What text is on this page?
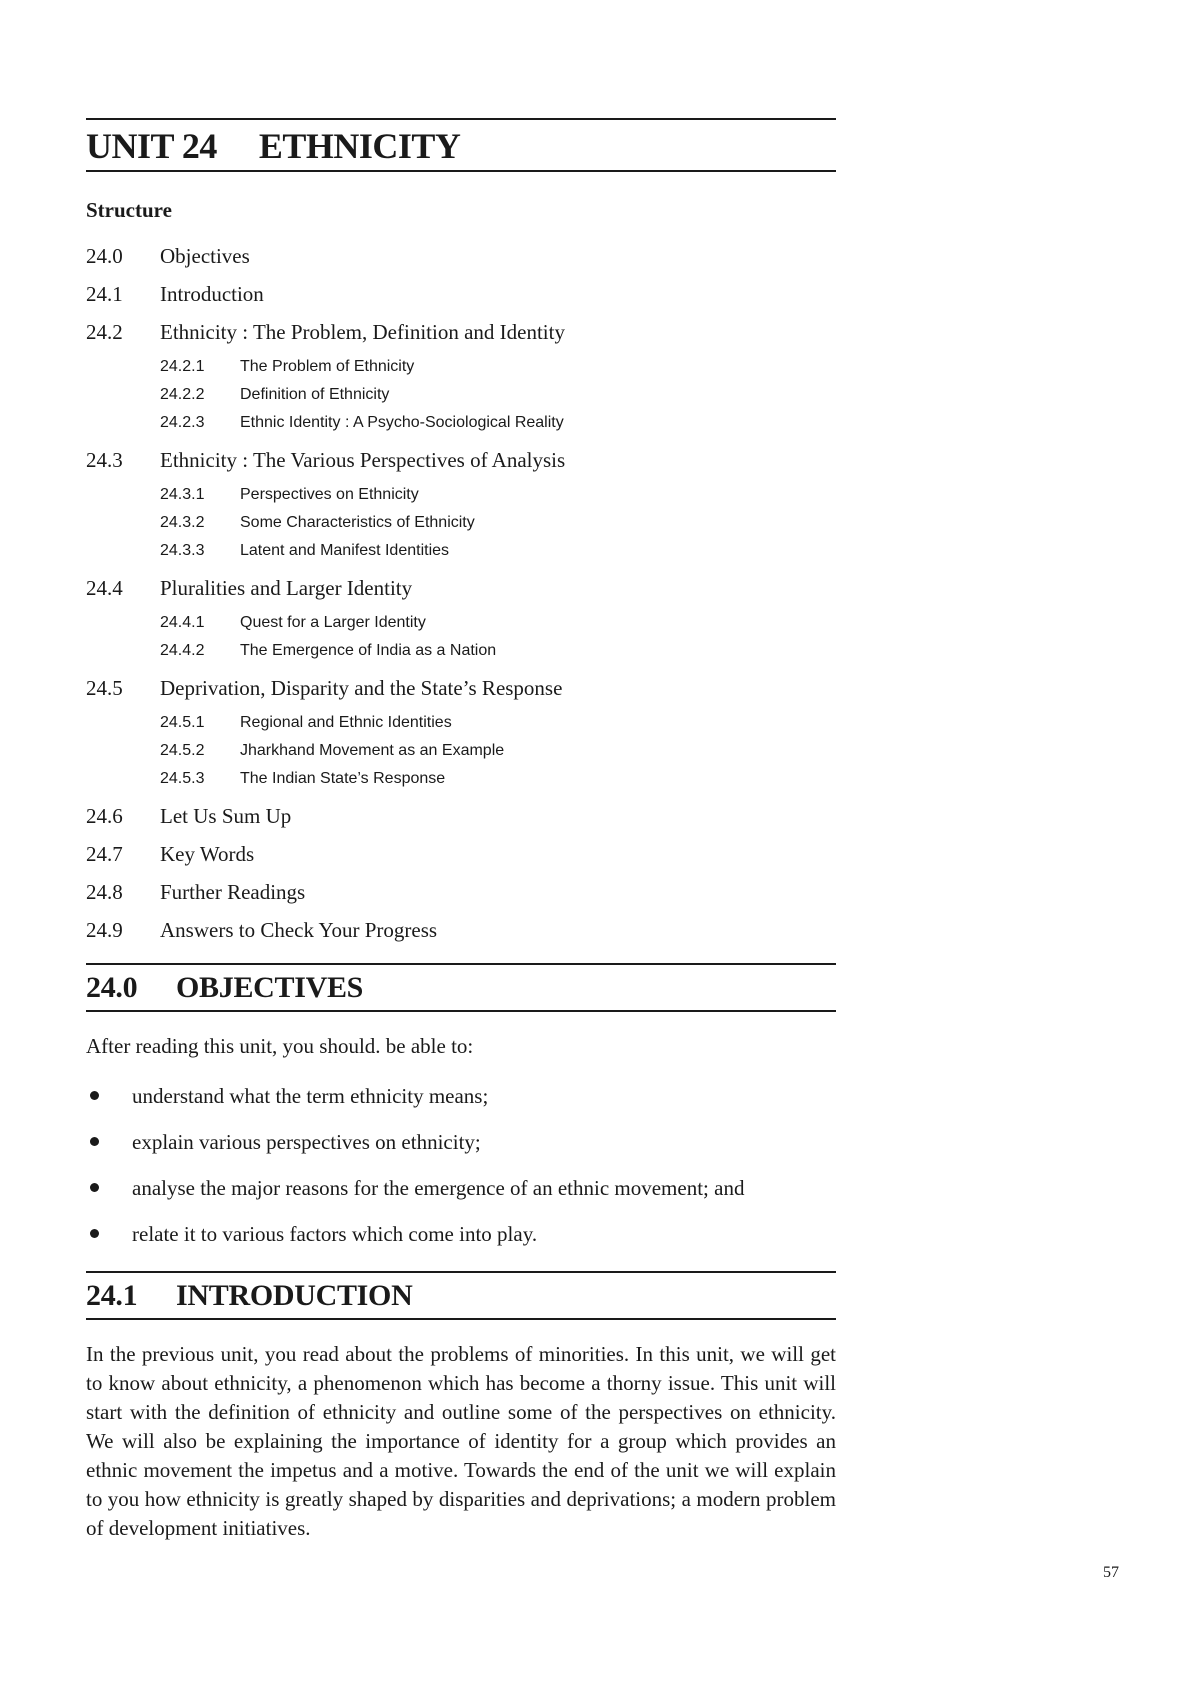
UNIT 24 ETHNICITY
Structure
24.0	Objectives
24.1	Introduction
24.2	Ethnicity : The Problem, Definition and Identity
24.2.1	The Problem of Ethnicity
24.2.2	Definition of Ethnicity
24.2.3	Ethnic Identity : A Psycho-Sociological Reality
24.3	Ethnicity : The Various Perspectives of Analysis
24.3.1	Perspectives on Ethnicity
24.3.2	Some Characteristics of Ethnicity
24.3.3	Latent and Manifest Identities
24.4	Pluralities and Larger Identity
24.4.1	Quest for a Larger Identity
24.4.2	The Emergence of India as a Nation
24.5	Deprivation, Disparity and the State’s Response
24.5.1	Regional and Ethnic Identities
24.5.2	Jharkhand Movement as an Example
24.5.3	The Indian State’s Response
24.6	Let Us Sum Up
24.7	Key Words
24.8	Further Readings
24.9	Answers to Check Your Progress
24.0 OBJECTIVES
After reading this unit, you should. be able to:
understand what the term ethnicity means;
explain various perspectives on ethnicity;
analyse the major reasons for the emergence of an ethnic movement; and
relate it to various factors which come into play.
24.1 INTRODUCTION

In the previous unit, you read about the problems of minorities. In this unit, we will get to know about ethnicity, a phenomenon which has become a thorny issue. This unit will start with the definition of ethnicity and outline some of the perspectives on ethnicity. We will also be explaining the importance of identity for a group which provides an ethnic movement the impetus and a motive. Towards the end of the unit we will explain to you how ethnicity is greatly shaped by disparities and deprivations; a modern problem of development initiatives.

57
